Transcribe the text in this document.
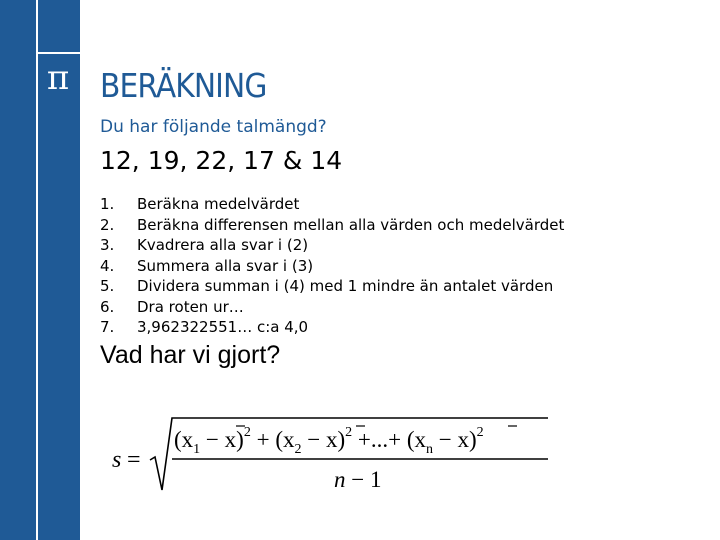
π BERÄKNING
Du har följande talmängd?
12, 19, 22, 17 & 14
1.	Beräkna medelvärdet
2.	Beräkna differensen mellan alla värden och medelvärdet
3.	Kvadrera alla svar i (2)
4.	Summera alla svar i (3)
5.	Dividera summan i (4) med 1 mindre än antalet värden
6.	Dra roten ur…
7.	3,962322551… c:a 4,0
Vad har vi gjort?
s =
$(x_1 - x)^2 + (x_2 - x)^2$ +...+ $(x_n - x)^2$
n − 1
